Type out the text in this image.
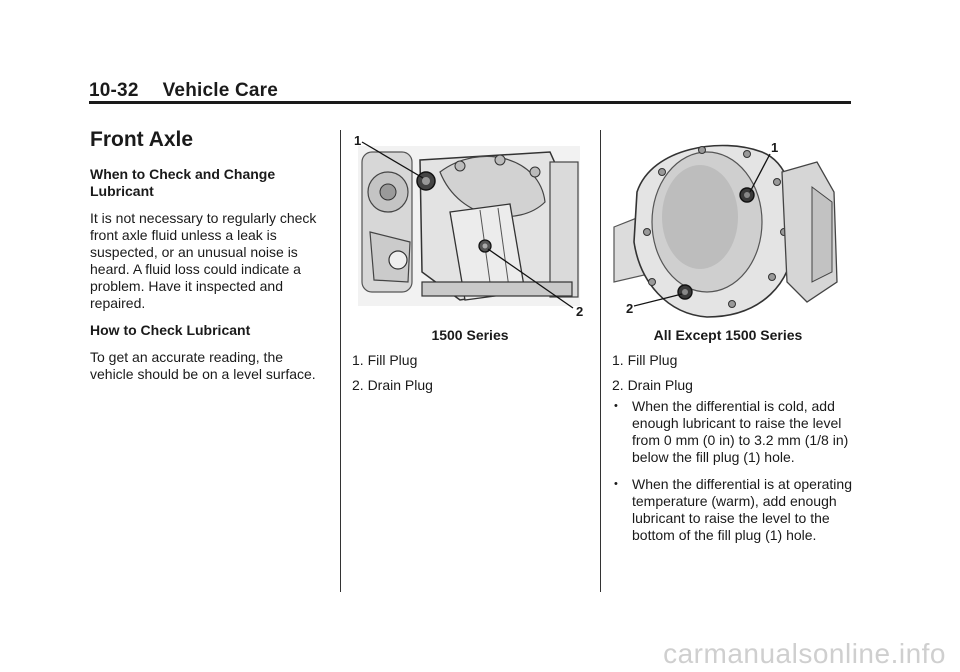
10-32 Vehicle Care
Front Axle

When to Check and Change Lubricant

It is not necessary to regularly check front axle fluid unless a leak is suspected, or an unusual noise is heard. A fluid loss could indicate a problem. Have it inspected and repaired.

How to Check Lubricant

To get an accurate reading, the vehicle should be on a level surface.

1
2
1500 Series
1. Fill Plug
2. Drain Plug
1
2
All Except 1500 Series
1. Fill Plug
2. Drain Plug
• When the differential is cold, add enough lubricant to raise the level from 0 mm (0 in) to 3.2 mm (1/8 in) below the fill plug (1) hole.
• When the differential is at operating temperature (warm), add enough lubricant to raise the level to the bottom of the fill plug (1) hole.
carmanualsonline.info
